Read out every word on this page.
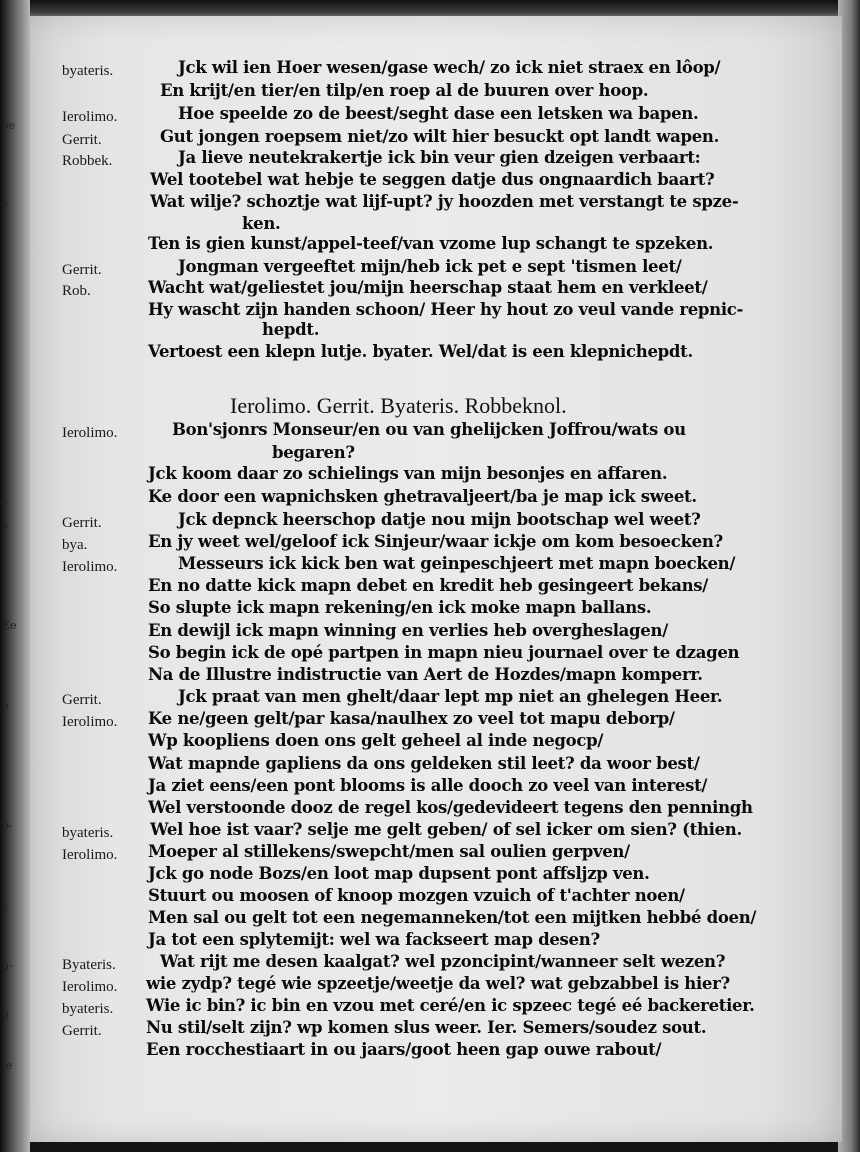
Ierolimo. Gerrit. Byateris. Robbeknol.
byateris.	Jck wil ien Hoer wesen/gase wech/ zo ick niet straex en lôop/
En krijt/en tier/en tilp/en roep al de buuren over hoop.
Ierolimo.	Hoe speelde zo de beest/seght dase een letsken wa bapen.
Gerrit.	Gut jongen roepsem niet/zo wilt hier besuckt opt landt wapen.
Robbek.	Ja lieve neutekrakertje ick bin veur gien dzeigen verbaart:
Wel tootebel wat hebje te seggen datje dus ongnaardich baart?
Wat wilje? schoztje wat lijf-upt? jy hoozden met verstangt te spze-
ken.
Ten is gien kunst/appel-teef/van vzome lup schangt te spzeken.
Gerrit.	Jongman vergeeftet mijn/heb ick pet e sept 'tismen leet/
Rob.	Wacht wat/geliestet jou/mijn heerschap staat hem en verkleet/
Hy wascht zijn handen schoon/ Heer hy hout zo veul vande repnic-
hepdt.
Vertoest een klepn lutje. byater. Wel/dat is een klepnichepdt.
Ierolimo.	Bon'sjonrs Monseur/en ou van ghelijcken Joffrou/wats ou
begaren?
Jck koom daar zo schielings van mijn besonjes en affaren.
Ke door een wapnichsken ghetravaljeert/ba je map ick sweet.
Gerrit.	Jck depnck heerschop datje nou mijn bootschap wel weet?
bya.	En jy weet wel/geloof ick Sinjeur/waar ickje om kom besoecken?
Ierolimo.	Messeurs ick kick ben wat geinpeschjeert met mapn boecken/
En no datte kick mapn debet en kredit heb gesingeert bekans/
So slupte ick mapn rekening/en ick moke mapn ballans.
En dewijl ick mapn winning en verlies heb overgheslagen/
So begin ick de opé partpen in mapn nieu journael over te dzagen
Na de Illustre indistructie van Aert de Hozdes/mapn komperr.
Gerrit.	Jck praat van men ghelt/daar lept mp niet an ghelegen Heer.
Ierolimo. Ke ne/geen gelt/par kasa/naulhex zo veel tot mapu deborp/
Wp koopliens doen ons gelt geheel al inde negocp/
Wat mapnde gapliens da ons geldeken stil leet? da woor best/
Ja ziet eens/een pont blooms is alle dooch zo veel van interest/
Wel verstoonde dooz de regel kos/gedevideert tegens den penningh
byateris. Wel hoe ist vaar? selje me gelt geben/ of sel icker om sien? (thien.
Ierolimo. Moeper al stillekens/swepcht/men sal oulien gerpven/
Jck go node Bozs/en loot map dupsent pont affsljzp ven.
Stuurt ou moosen of knoop mozgen vzuich of t'achter noen/
Men sal ou gelt tot een negemanneken/tot een mijtken hebbé doen/
Ja tot een splytemijt: wel wa fackseert map desen?
Byateris.	Wat rijt me desen kaalgat? wel pzoncipint/wanneer selt wezen?
Ierolimo. wie zydp? tegé wie spzeetje/weetje da wel? wat gebzabbel is hier?
byateris. Wie ic bin? ic bin en vzou met ceré/en ic spzeec tegé eé backeretier.
Gerrit.	Nu stil/selt zijn? wp komen slus weer. Ier. Semers/soudez sout.
Een rocchestiaart in ou jaars/goot heen gap ouwe rabout/
oe
r
i
r
s
t
t
Ee
e
p-
s
n-
9
le
